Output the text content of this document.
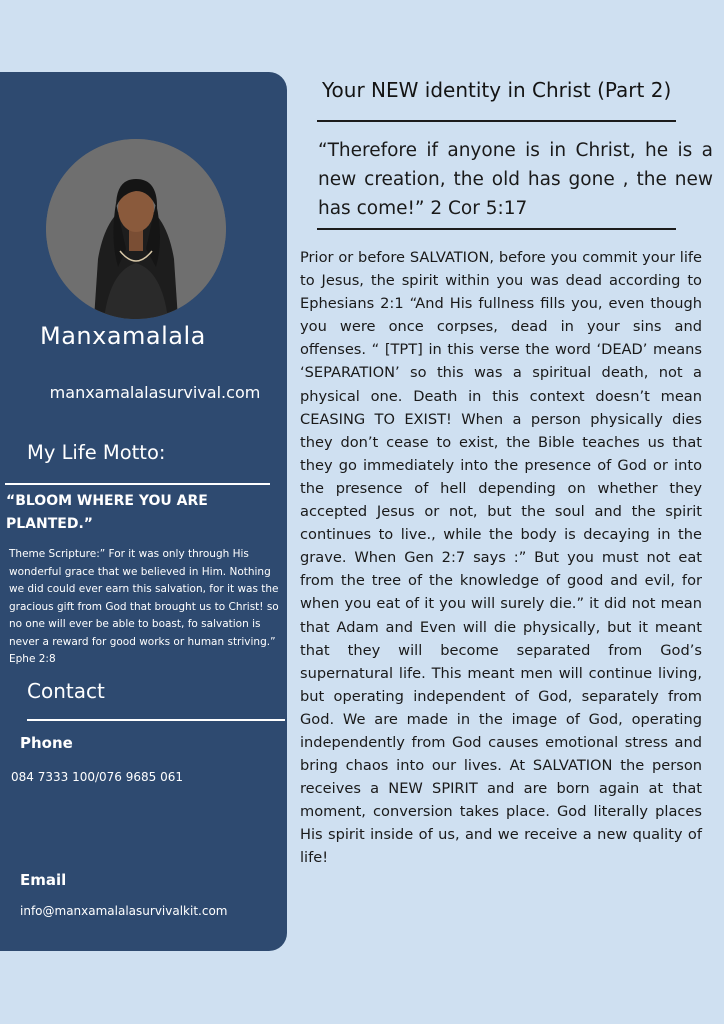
Manxamalala
manxamalalasurvival.com
My Life Motto:
“BLOOM WHERE YOU ARE PLANTED.”
Theme Scripture:” For it was only through His wonderful grace that we believed in Him. Nothing we did could ever earn this salvation, for it was the gracious gift from God that brought us to Christ! so no one will ever be able to boast, fo salvation is never a reward for good works or human striving.” Ephe 2:8
Contact
Phone
084 7333 100/076 9685 061
Email
info@manxamalalasurvivalkit.com
Your NEW identity in Christ (Part 2)
“Therefore if anyone is in Christ, he is a new creation, the old has gone , the new has come!” 2 Cor 5:17
Prior or before SALVATION, before you commit your life to Jesus, the spirit within you was dead according to Ephesians 2:1 “And His fullness fills you, even though you were once corpses, dead in your sins and offenses. “ [TPT] in this verse the word ‘DEAD’ means ‘SEPARATION’ so this was a spiritual death, not a physical one. Death in this context doesn’t mean CEASING TO EXIST! When a person physically dies they don’t cease to exist, the Bible teaches us that they go immediately into the presence of God or into the presence of hell depending on whether they accepted Jesus or not, but the soul and the spirit continues to live., while the body is decaying in the grave. When Gen 2:7 says :” But you must not eat from the tree of the knowledge of good and evil, for when you eat of it you will surely die.” it did not mean that Adam and Even will die physically, but it meant that they will become separated from God’s supernatural life. This meant men will continue living, but operating independent of God, separately from God. We are made in the image of God, operating independently from God causes emotional stress and bring chaos into our lives. At SALVATION the person receives a NEW SPIRIT and are born again at that moment, conversion takes place. God literally places His spirit inside of us, and we receive a new quality of life!
